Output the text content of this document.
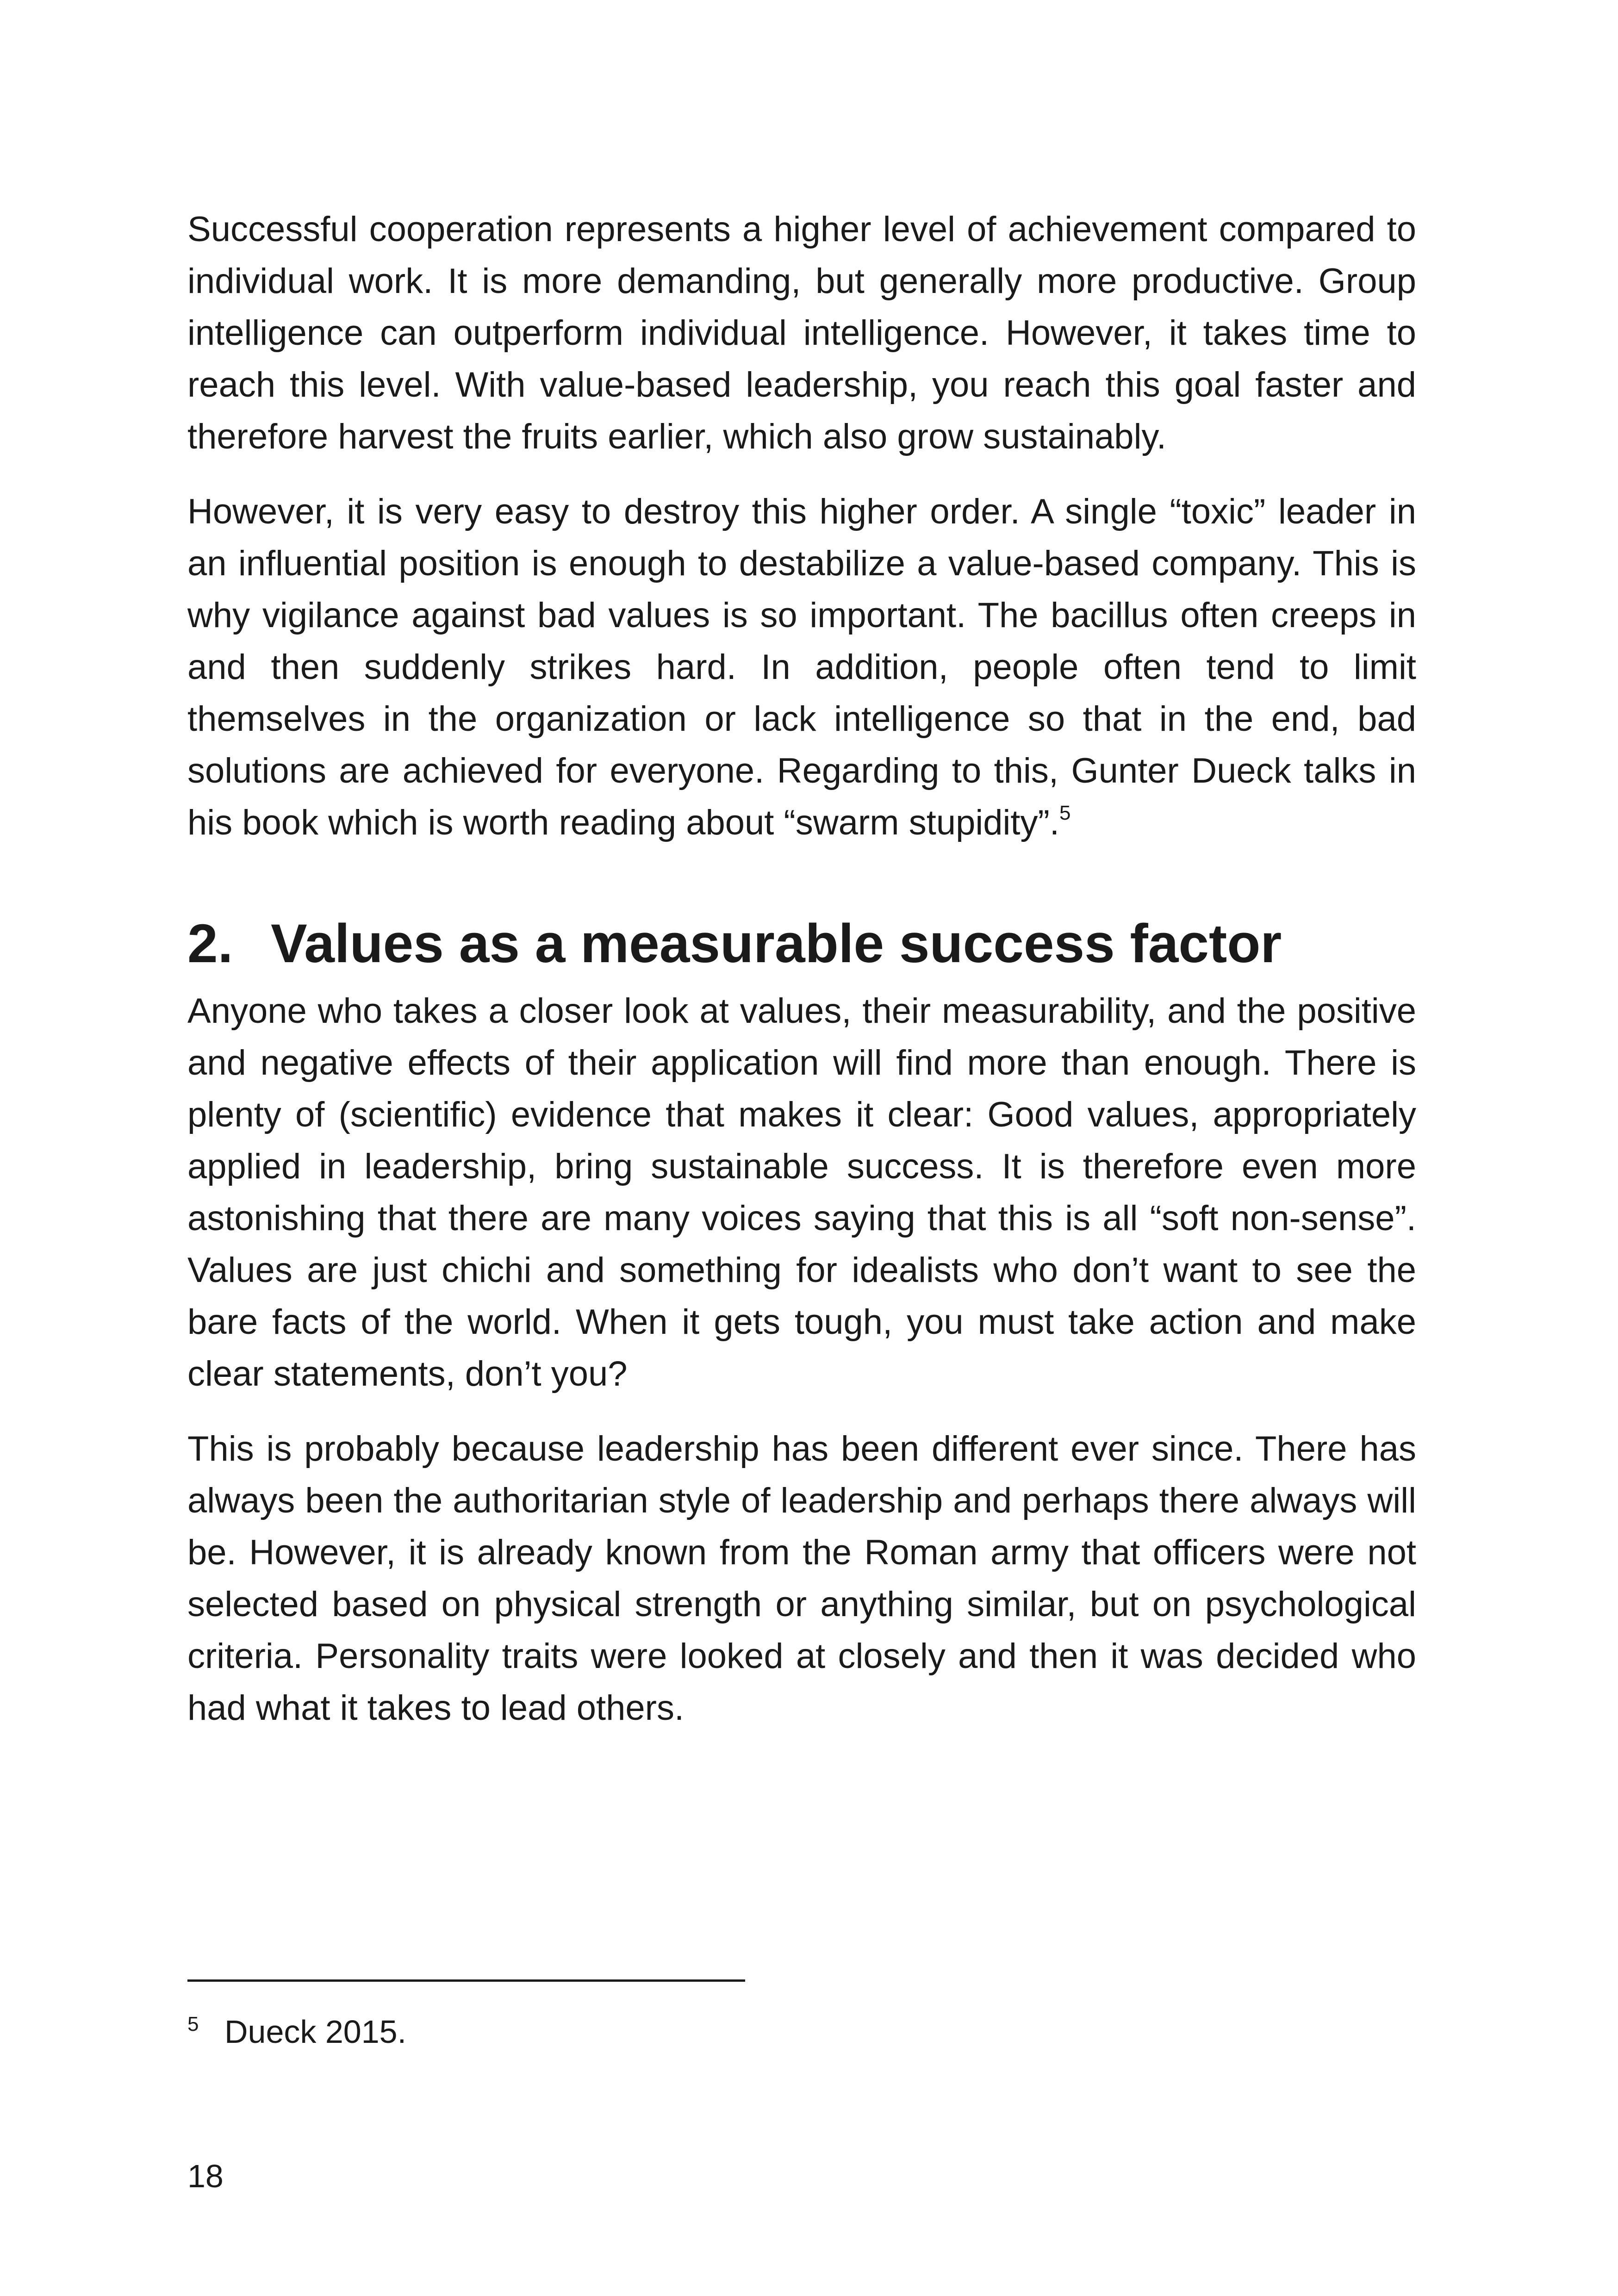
Successful cooperation represents a higher level of achievement compared to individual work. It is more demanding, but generally more productive. Group intelligence can outperform individual intelligence. However, it takes time to reach this level. With value-based leadership, you reach this goal faster and therefore harvest the fruits earlier, which also grow sustainably.

However, it is very easy to destroy this higher order. A single “toxic” leader in an influential position is enough to destabilize a value-based company. This is why vigilance against bad values is so important. The bacillus often creeps in and then suddenly strikes hard. In addition, people often tend to limit themselves in the organization or lack intelligence so that in the end, bad solutions are achieved for everyone. Regarding to this, Gunter Dueck talks in his book which is worth reading about “swarm stupidity”.$^5$

2. Values as a measurable success factor

Anyone who takes a closer look at values, their measurability, and the positive and negative effects of their application will find more than enough. There is plenty of (scientific) evidence that makes it clear: Good values, appropriately applied in leadership, bring sustainable success. It is therefore even more astonishing that there are many voices saying that this is all “soft non-sense”. Values are just chichi and something for idealists who don’t want to see the bare facts of the world. When it gets tough, you must take action and make clear statements, don’t you?

This is probably because leadership has been different ever since. There has always been the authoritarian style of leadership and perhaps there always will be. However, it is already known from the Roman army that officers were not selected based on physical strength or anything similar, but on psychological criteria. Personality traits were looked at closely and then it was decided who had what it takes to lead others.

5 Dueck 2015.
18
